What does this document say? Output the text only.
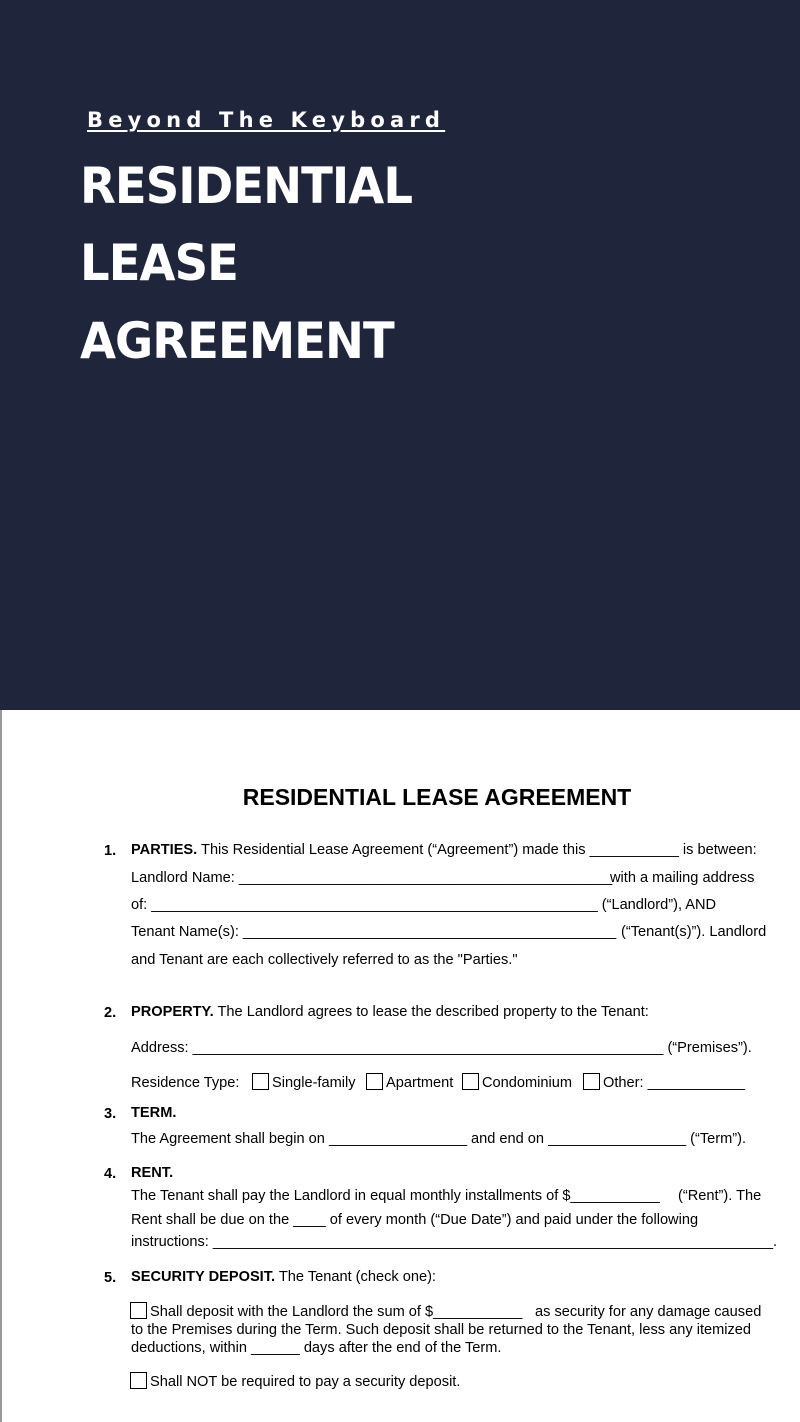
Beyond The Keyboard
RESIDENTIAL
LEASE
AGREEMENT
RESIDENTIAL LEASE AGREEMENT
1. PARTIES. This Residential Lease Agreement (“Agreement”) made this ___________ is between:
Landlord Name: ______________________________________________
with a mailing address
of: _______________________________________________________ (“Landlord”), AND
Tenant Name(s): ______________________________________________ (“Tenant(s)”). Landlord
and Tenant are each collectively referred to as the "Parties."
2. PROPERTY. The Landlord agrees to lease the described property to the Tenant:
Address: __________________________________________________________ (“Premises”).
Residence Type: Single-family Apartment Condominium Other: ____________
3. TERM.
The Agreement shall begin on _________________ and end on _________________ (“Term”).
4. RENT.
The Tenant shall pay the Landlord in equal monthly installments of $___________ (“Rent”). The
Rent shall be due on the ____ of every month (“Due Date”) and paid under the following
instructions: _____________________________________________________________________.
5. SECURITY DEPOSIT. The Tenant (check one):
Shall deposit with the Landlord the sum of $___________ as security for any damage caused
to the Premises during the Term. Such deposit shall be returned to the Tenant, less any itemized
deductions, within ______ days after the end of the Term.
Shall NOT be required to pay a security deposit.
